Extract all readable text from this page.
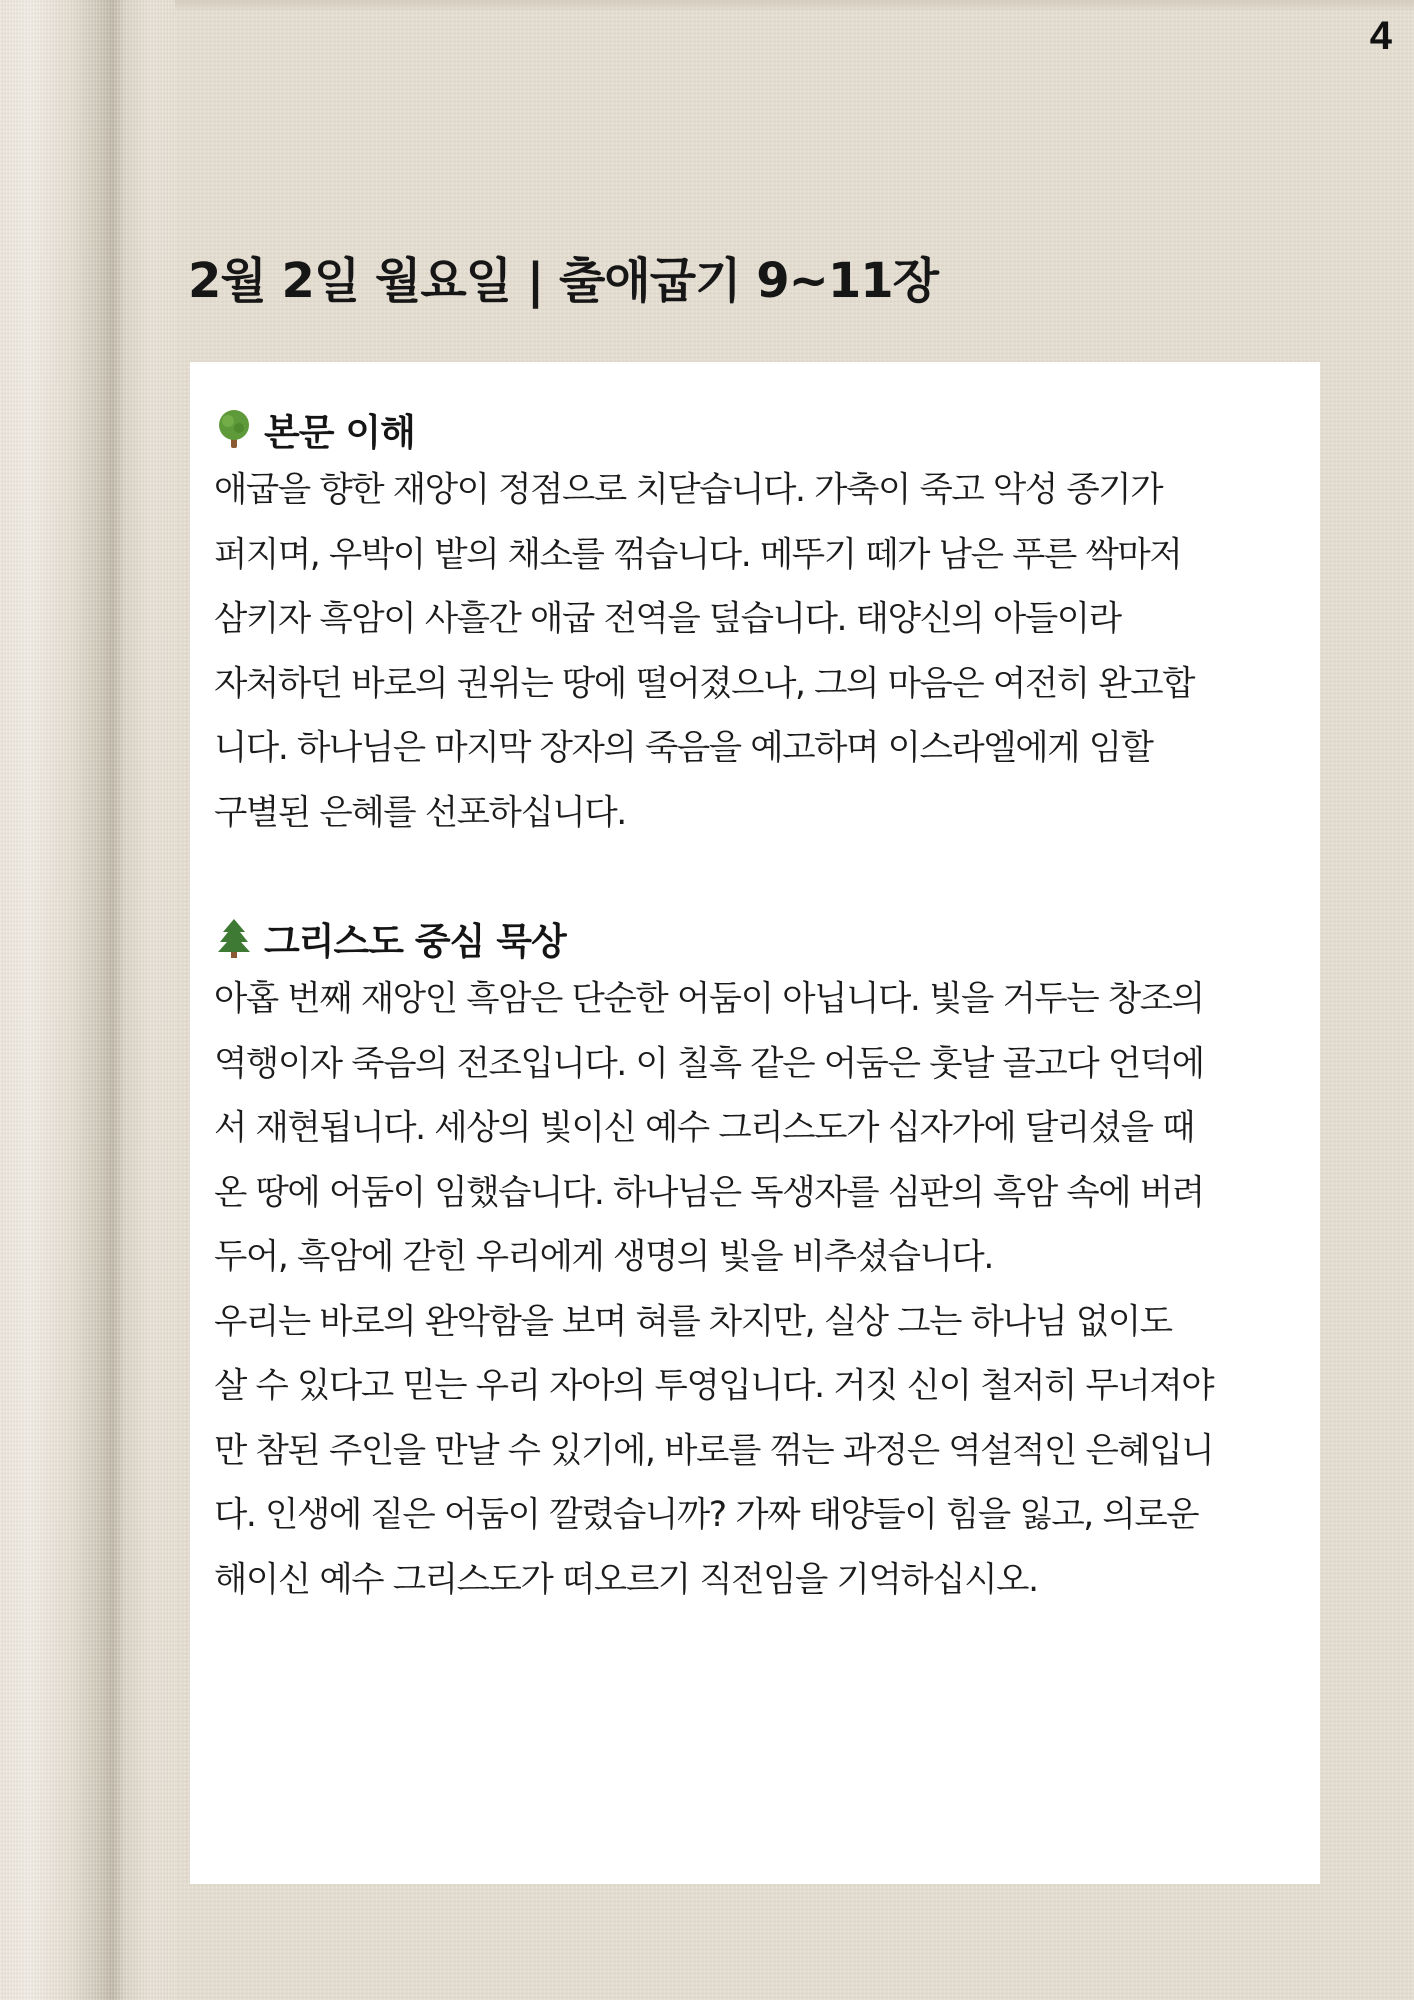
4
2월 2일 월요일 | 출애굽기 9~11장
본문 이해

애굽을 향한 재앙이 정점으로 치닫습니다. 가축이 죽고 악성 종기가

퍼지며, 우박이 밭의 채소를 꺾습니다. 메뚜기 떼가 남은 푸른 싹마저

삼키자 흑암이 사흘간 애굽 전역을 덮습니다. 태양신의 아들이라

자처하던 바로의 권위는 땅에 떨어졌으나, 그의 마음은 여전히 완고합

니다. 하나님은 마지막 장자의 죽음을 예고하며 이스라엘에게 임할

구별된 은혜를 선포하십니다.

그리스도 중심 묵상

아홉 번째 재앙인 흑암은 단순한 어둠이 아닙니다. 빛을 거두는 창조의

역행이자 죽음의 전조입니다. 이 칠흑 같은 어둠은 훗날 골고다 언덕에

서 재현됩니다. 세상의 빛이신 예수 그리스도가 십자가에 달리셨을 때

온 땅에 어둠이 임했습니다. 하나님은 독생자를 심판의 흑암 속에 버려

두어, 흑암에 갇힌 우리에게 생명의 빛을 비추셨습니다.

우리는 바로의 완악함을 보며 혀를 차지만, 실상 그는 하나님 없이도

살 수 있다고 믿는 우리 자아의 투영입니다. 거짓 신이 철저히 무너져야

만 참된 주인을 만날 수 있기에, 바로를 꺾는 과정은 역설적인 은혜입니

다. 인생에 짙은 어둠이 깔렸습니까? 가짜 태양들이 힘을 잃고, 의로운

해이신 예수 그리스도가 떠오르기 직전임을 기억하십시오.
